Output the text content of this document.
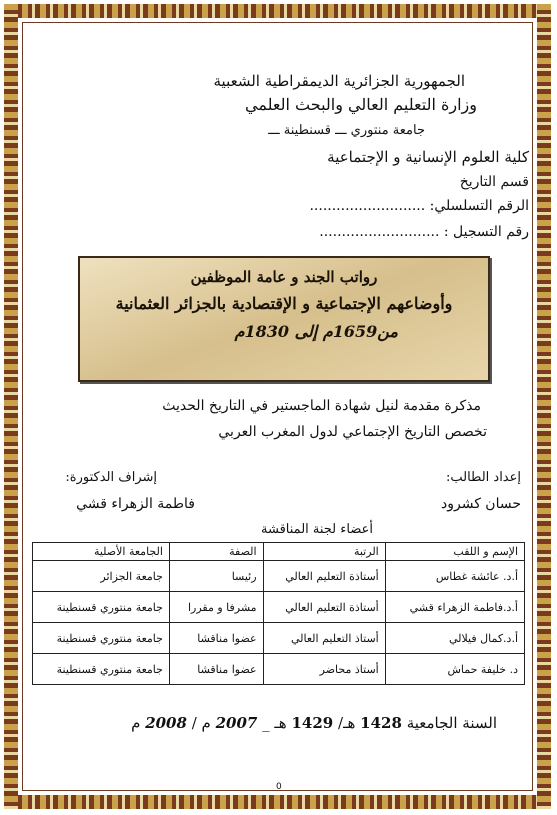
الجمهورية الجزائرية الديمقراطية الشعبية
وزارة التعليم العالي والبحث العلمي
جامعة منتوري ـــ قسنطينة ـــ
كلية العلوم الإنسانية و الإجتماعية
قسم التاريخ
الرقم التسلسلي: ..........................
رقم التسجيل : ...........................
رواتب الجند و عامة الموظفين
وأوضاعهم الإجتماعية و الإقتصادية بالجزائر العثمانية
من1659م إلى 1830م
مذكرة مقدمة لنيل شهادة الماجستير في التاريخ الحديث
تخصص التاريخ الإجتماعي لدول المغرب العربي
إعداد الطالب:
حسان كشرود
إشراف الدكتورة:
فاطمة الزهراء قشي
أعضاء لجنة المناقشة
الإسم و اللقب	الرتبة	الصفة	الجامعة الأصلية
أ.د. عائشة غطاس	أستاذة التعليم العالي	رئيسا	جامعة الجزائر
أ.د.فاطمة الزهراء قشي	أستاذة التعليم العالي	مشرفا و مقررا	جامعة منتوري قسنطينة
أ.د.كمال فيلالي	أستاذ التعليم العالي	عضوا مناقشا	جامعة منتوري قسنطينة
د. خليفة حماش	أستاذ محاضر	عضوا مناقشا	جامعة منتوري قسنطينة
السنة الجامعية 1428 هـ/ 1429 هـ _ 2007 م / 2008 م
0
